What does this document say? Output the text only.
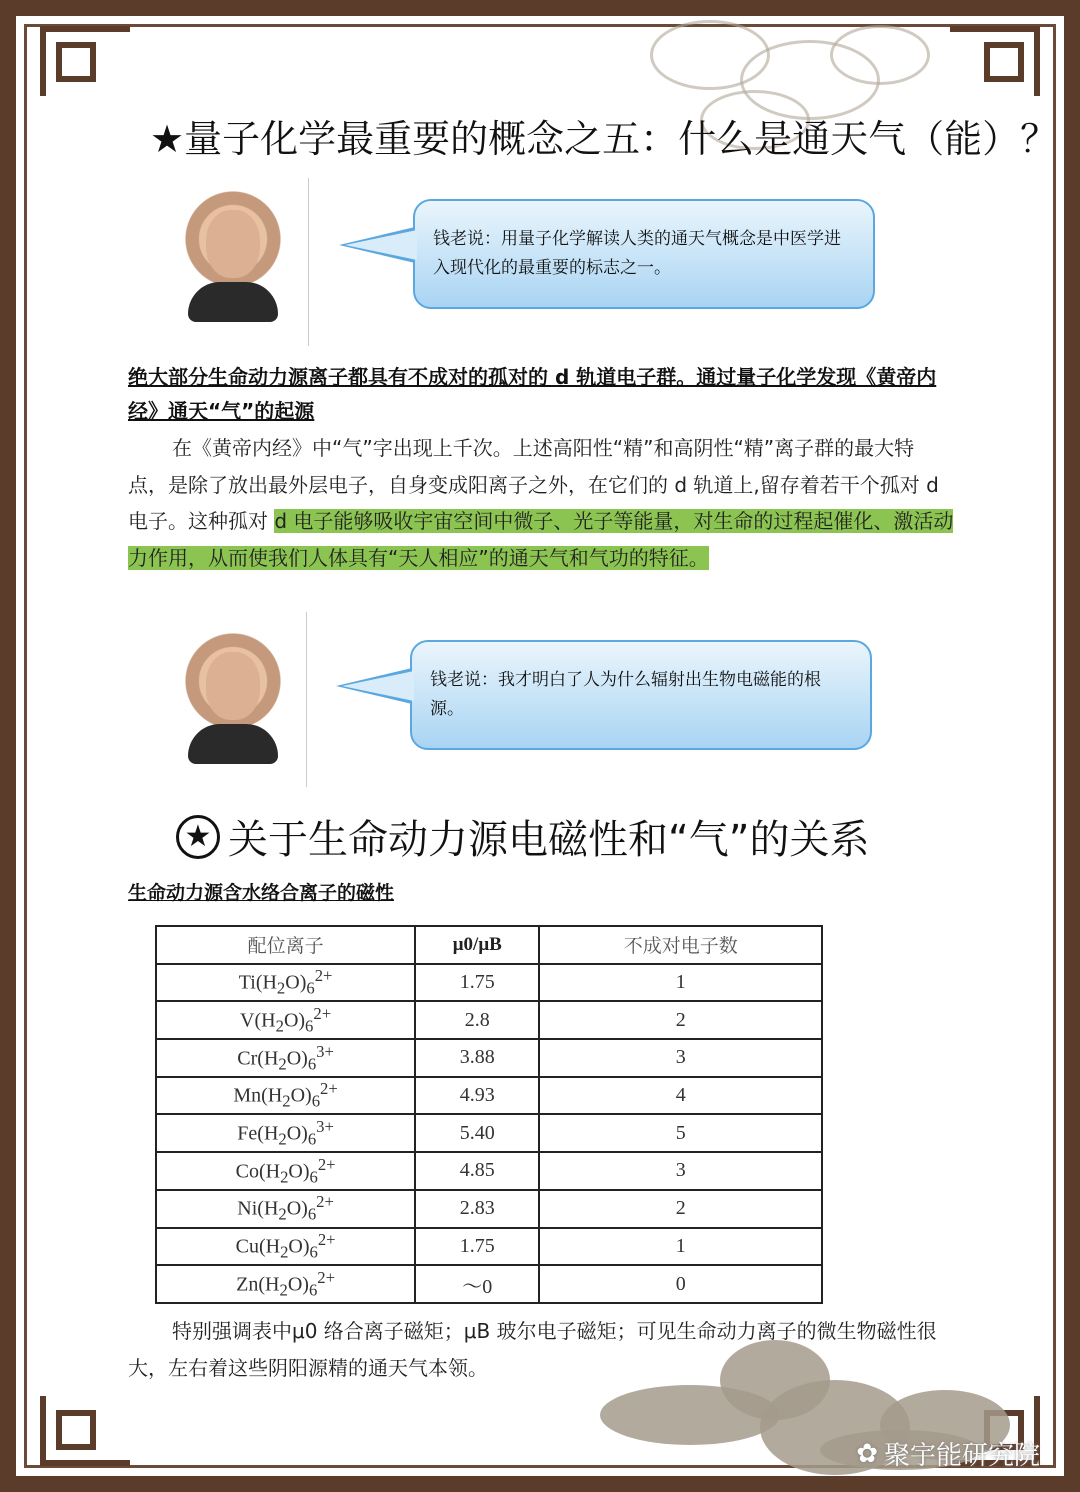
★量子化学最重要的概念之五：什么是通天气（能）？
钱老说：用量子化学解读人类的通天气概念是中医学进入现代化的最重要的标志之一。
绝大部分生命动力源离子都具有不成对的孤对的 d 轨道电子群。通过量子化学发现《黄帝内经》通天“气”的起源
在《黄帝内经》中“气”字出现上千次。上述高阳性“精”和高阴性“精”离子群的最大特点，是除了放出最外层电子，自身变成阳离子之外，在它们的 d 轨道上,留存着若干个孤对 d 电子。这种孤对 d 电子能够吸收宇宙空间中微子、光子等能量，对生命的过程起催化、激活动力作用，从而使我们人体具有“天人相应”的通天气和气功的特征。
钱老说：我才明白了人为什么辐射出生物电磁能的根源。
★ 关于生命动力源电磁性和“气”的关系
生命动力源含水络合离子的磁性
配位离子	μ0/μB	不成对电子数
$Ti(H_2O)_6^{2+}$	1.75	1
$V(H_2O)_6^{2+}$	2.8	2
$Cr(H_2O)_6^{3+}$	3.88	3
$Mn(H_2O)_6^{2+}$	4.93	4
$Fe(H_2O)_6^{3+}$	5.40	5
$Co(H_2O)_6^{2+}$	4.85	3
$Ni(H_2O)_6^{2+}$	2.83	2
$Cu(H_2O)_6^{2+}$	1.75	1
$Zn(H_2O)_6^{2+}$	～0	0
特别强调表中μ0 络合离子磁矩；μB 玻尔电子磁矩；可见生命动力离子的微生物磁性很大，左右着这些阴阳源精的通天气本领。
✿ 聚宇能研究院
